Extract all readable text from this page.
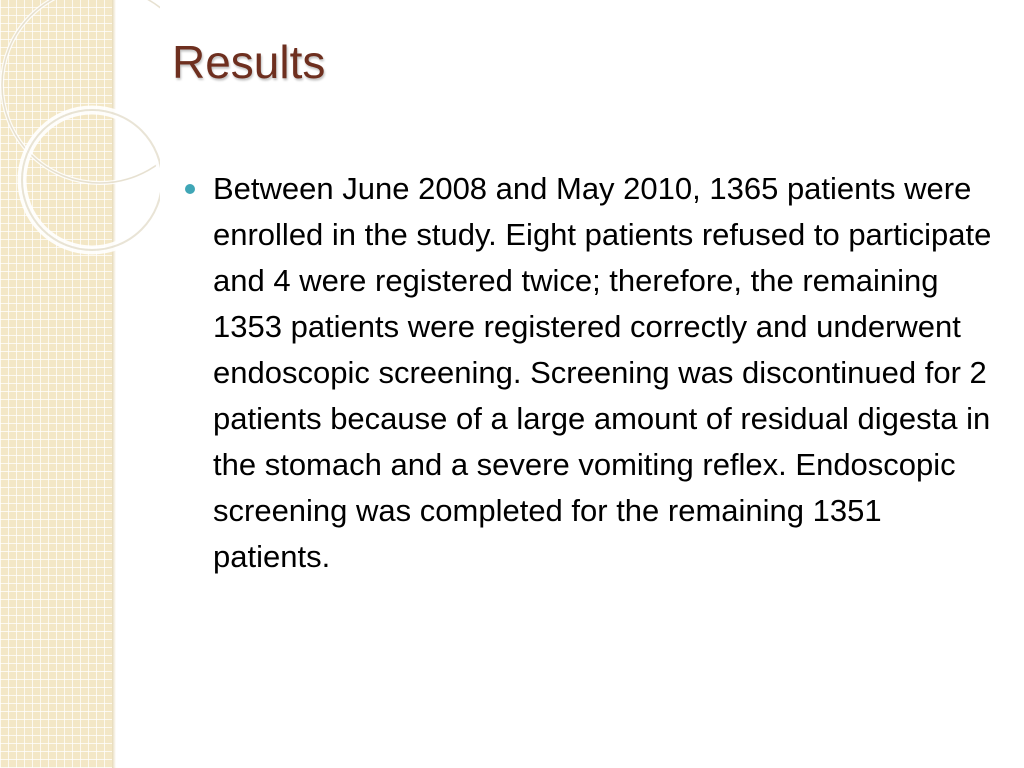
Results

Between June 2008 and May 2010, 1365 patients were enrolled in the study. Eight patients refused to participate and 4 were registered twice; therefore, the remaining 1353 patients were registered correctly and underwent endoscopic screening. Screening was discontinued for 2 patients because of a large amount of residual digesta in the stomach and a severe vomiting reflex. Endoscopic screening was completed for the remaining 1351 patients.
